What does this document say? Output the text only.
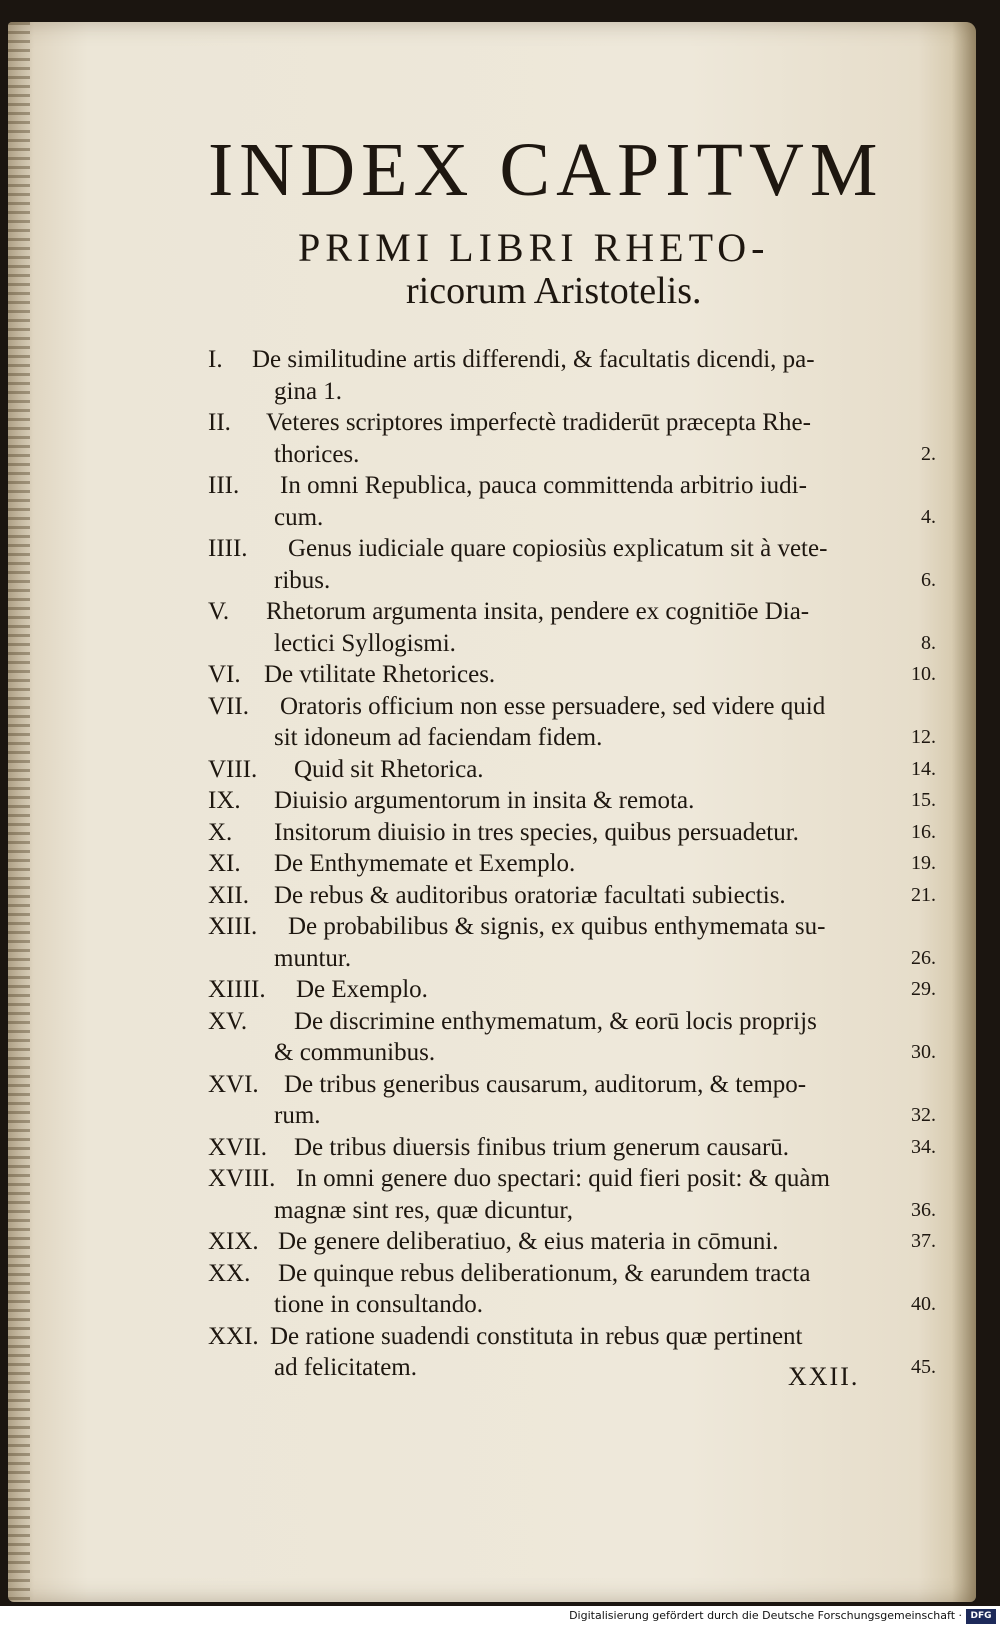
INDEX CAPITVM
PRIMI LIBRI RHETO-
ricorum Aristotelis.
I. De similitudine artis differendi, & facultatis dicendi, pa-
gina 1.
II. Veteres scriptores imperfectè tradiderūt præcepta Rhe-
thorices.	2.
III. In omni Republica, pauca committenda arbitrio iudi-
cum.	4.
IIII. Genus iudiciale quare copiosiùs explicatum sit à vete-
ribus.	6.
V. Rhetorum argumenta insita, pendere ex cognitiōe Dia-
lectici Syllogismi.	8.
VI. De vtilitate Rhetorices.	10.
VII. Oratoris officium non esse persuadere, sed videre quid
sit idoneum ad faciendam fidem.	12.
VIII. Quid sit Rhetorica.	14.
IX. Diuisio argumentorum in insita & remota.	15.
X. Insitorum diuisio in tres species, quibus persuadetur.	16.
XI. De Enthymemate et Exemplo.	19.
XII. De rebus & auditoribus oratoriæ facultati subiectis.	21.
XIII. De probabilibus & signis, ex quibus enthymemata su-
muntur.	26.
XIIII. De Exemplo.	29.
XV. De discrimine enthymematum, & eorū locis proprijs
& communibus.	30.
XVI. De tribus generibus causarum, auditorum, & tempo-
rum.	32.
XVII. De tribus diuersis finibus trium generum causarū.	34.
XVIII. In omni genere duo spectari: quid fieri posit: & quàm
magnæ sint res, quæ dicuntur,	36.
XIX. De genere deliberatiuo, & eius materia in cōmuni.	37.
XX. De quinque rebus deliberationum, & earundem tracta
tione in consultando.	40.
XXI. De ratione suadendi constituta in rebus quæ pertinent
ad felicitatem.	45.
XXII.
Digitalisierung gefördert durch die Deutsche Forschungsgemeinschaft · DFG
